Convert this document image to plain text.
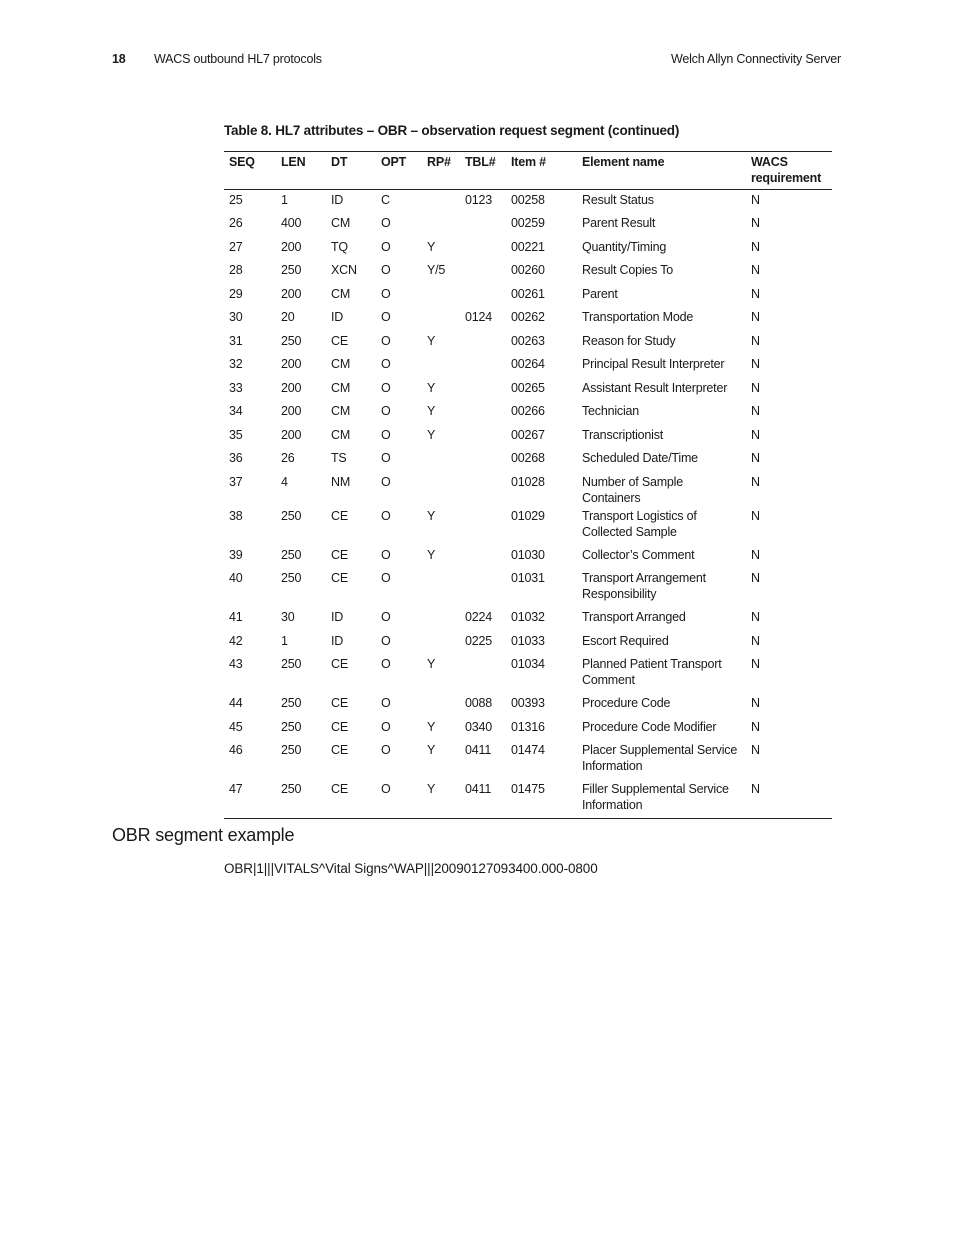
18 WACS outbound HL7 protocols	Welch Allyn Connectivity Server
Table 8. HL7 attributes – OBR – observation request segment (continued)
SEQ	LEN	DT	OPT	RP#	TBL#	Item #	Element name	WACS requirement
25	1	ID	C		0123	00258	Result Status	N
26	400	CM	O			00259	Parent Result	N
27	200	TQ	O	Y		00221	Quantity/Timing	N
28	250	XCN	O	Y/5		00260	Result Copies To	N
29	200	CM	O			00261	Parent	N
30	20	ID	O		0124	00262	Transportation Mode	N
31	250	CE	O	Y		00263	Reason for Study	N
32	200	CM	O			00264	Principal Result Interpreter	N
33	200	CM	O	Y		00265	Assistant Result Interpreter	N
34	200	CM	O	Y		00266	Technician	N
35	200	CM	O	Y		00267	Transcriptionist	N
36	26	TS	O			00268	Scheduled Date/Time	N
37	4	NM	O			01028	Number of Sample Containers	N
38	250	CE	O	Y		01029	Transport Logistics of Collected Sample	N
39	250	CE	O	Y		01030	Collector’s Comment	N
40	250	CE	O			01031	Transport Arrangement Responsibility	N
41	30	ID	O		0224	01032	Transport Arranged	N
42	1	ID	O		0225	01033	Escort Required	N
43	250	CE	O	Y		01034	Planned Patient Transport Comment	N
44	250	CE	O		0088	00393	Procedure Code	N
45	250	CE	O	Y	0340	01316	Procedure Code Modifier	N
46	250	CE	O	Y	0411	01474	Placer Supplemental Service Information	N
47	250	CE	O	Y	0411	01475	Filler Supplemental Service Information	N
OBR segment example
OBR|1|||VITALS^Vital Signs^WAP|||20090127093400.000-0800
